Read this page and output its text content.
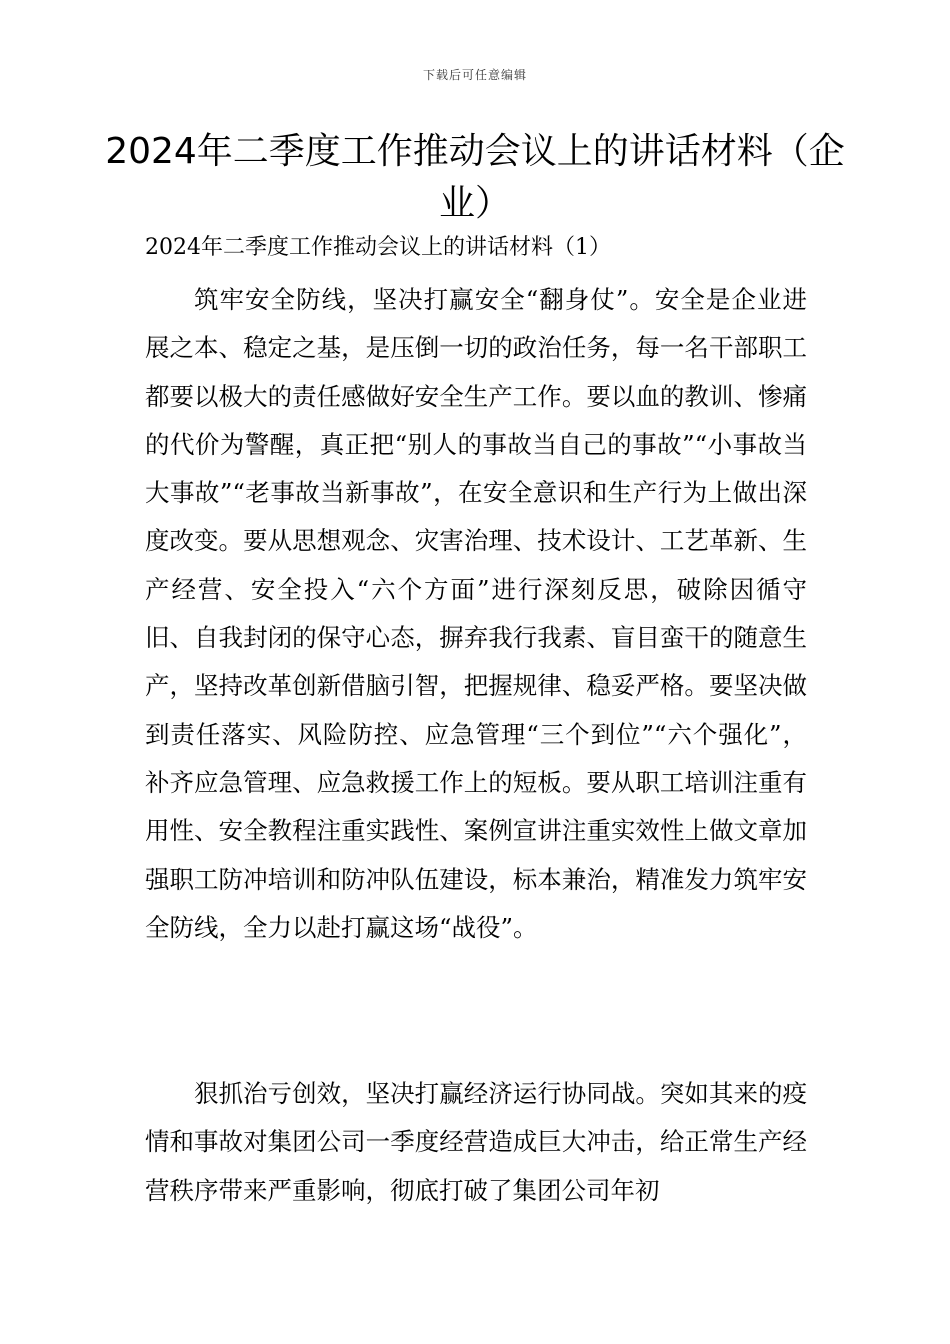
下载后可任意编辑
2024年二季度工作推动会议上的讲话材料（企业）
2024年二季度工作推动会议上的讲话材料（1）

筑牢安全防线，坚决打赢安全“翻身仗”。安全是企业进展之本、稳定之基，是压倒一切的政治任务，每一名干部职工都要以极大的责任感做好安全生产工作。要以血的教训、惨痛的代价为警醒，真正把“别人的事故当自己的事故”“小事故当大事故”“老事故当新事故”，在安全意识和生产行为上做出深度改变。要从思想观念、灾害治理、技术设计、工艺革新、生产经营、安全投入“六个方面”进行深刻反思，破除因循守旧、自我封闭的保守心态，摒弃我行我素、盲目蛮干的随意生产，坚持改革创新借脑引智，把握规律、稳妥严格。要坚决做到责任落实、风险防控、应急管理“三个到位”“六个强化”，补齐应急管理、应急救援工作上的短板。要从职工培训注重有用性、安全教程注重实践性、案例宣讲注重实效性上做文章加强职工防冲培训和防冲队伍建设，标本兼治，精准发力筑牢安全防线，全力以赴打赢这场“战役”。

狠抓治亏创效，坚决打赢经济运行协同战。突如其来的疫情和事故对集团公司一季度经营造成巨大冲击，给正常生产经营秩序带来严重影响，彻底打破了集团公司年初
